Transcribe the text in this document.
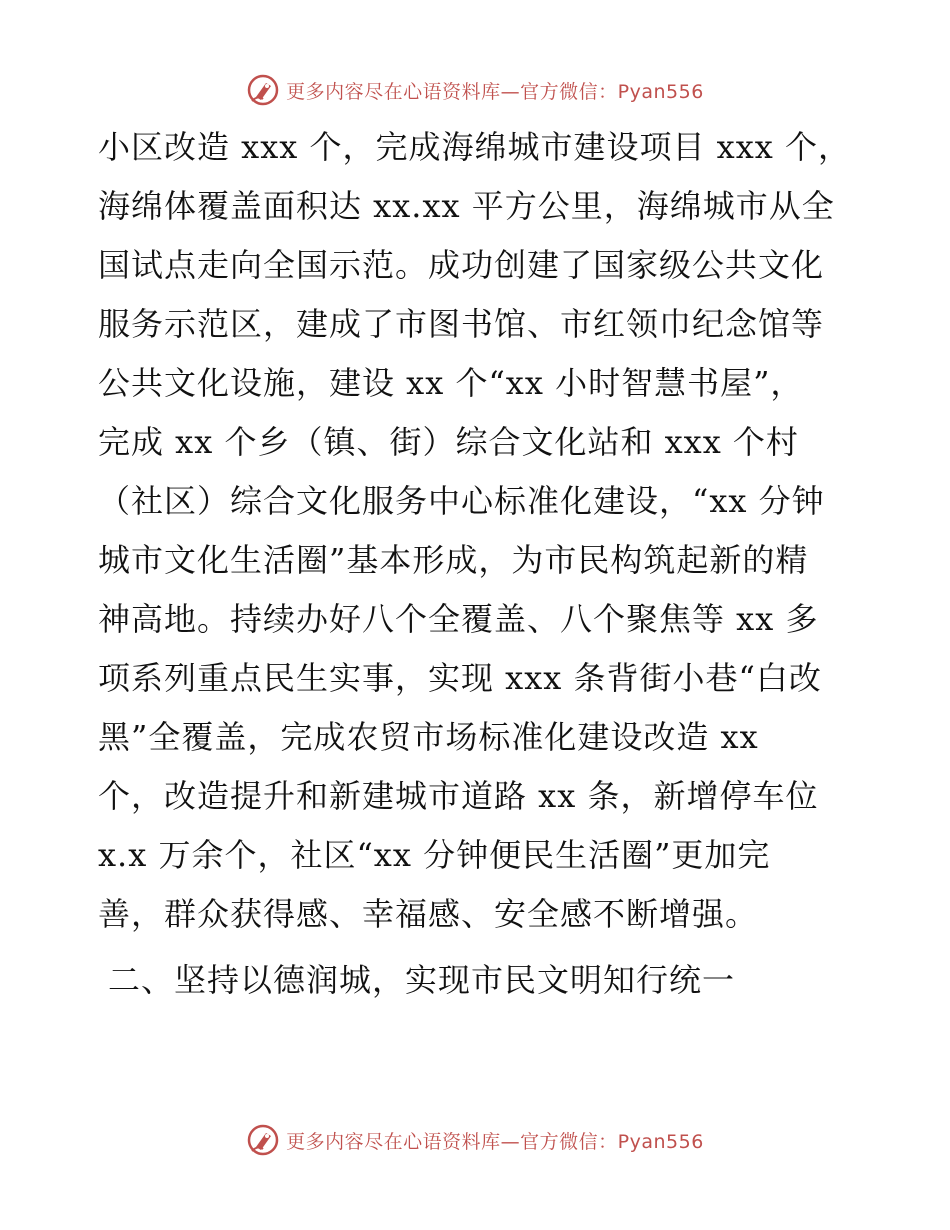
更多内容尽在心语资料库—官方微信：Pyan556
小区改造 xxx 个，完成海绵城市建设项目 xxx 个，
海绵体覆盖面积达 xx.xx 平方公里，海绵城市从全
国试点走向全国示范。成功创建了国家级公共文化
服务示范区，建成了市图书馆、市红领巾纪念馆等
公共文化设施，建设 xx 个“xx 小时智慧书屋”，
完成 xx 个乡（镇、街）综合文化站和 xxx 个村
（社区）综合文化服务中心标准化建设，“xx 分钟
城市文化生活圈”基本形成，为市民构筑起新的精
神高地。持续办好八个全覆盖、八个聚焦等 xx 多
项系列重点民生实事，实现 xxx 条背街小巷“白改
黑”全覆盖，完成农贸市场标准化建设改造 xx
个，改造提升和新建城市道路 xx 条，新增停车位
x.x 万余个，社区“xx 分钟便民生活圈”更加完
善，群众获得感、幸福感、安全感不断增强。
二、坚持以德润城，实现市民文明知行统一
更多内容尽在心语资料库—官方微信：Pyan556
